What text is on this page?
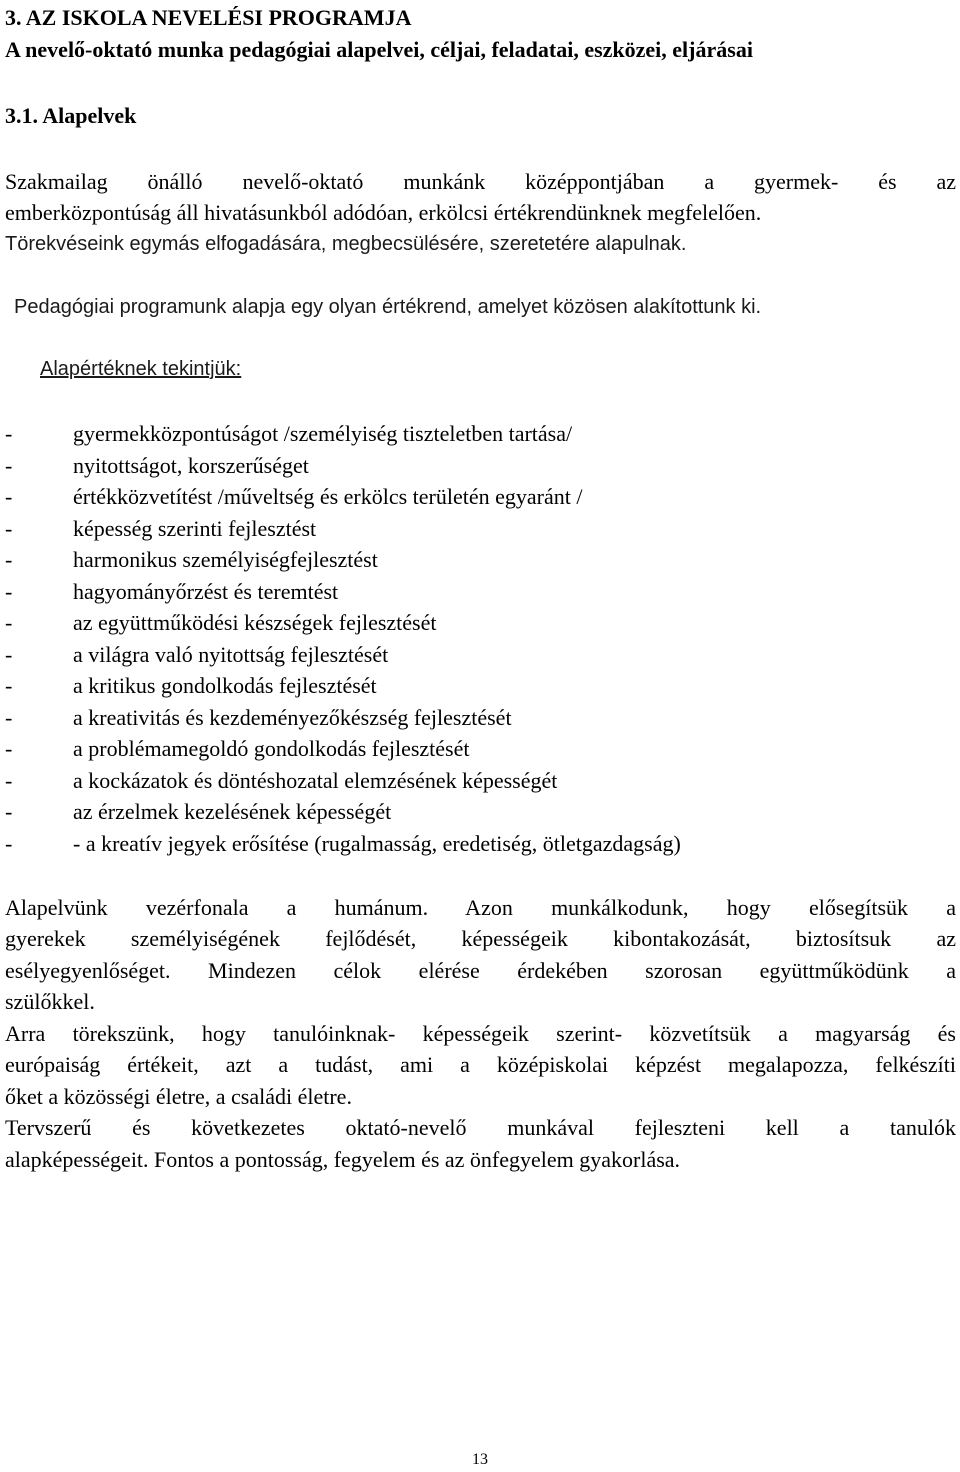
3. AZ ISKOLA NEVELÉSI PROGRAMJA
A nevelő-oktató munka pedagógiai alapelvei, céljai, feladatai, eszközei, eljárásai
3.1. Alapelvek
Szakmailag önálló nevelő-oktató munkánk középpontjában a gyermek- és az
emberközpontúság áll hivatásunkból adódóan, erkölcsi értékrendünknek megfelelően.
Törekvéseink egymás elfogadására, megbecsülésére, szeretetére alapulnak.
Pedagógiai programunk alapja egy olyan értékrend, amelyet közösen alakítottunk ki.
Alapértéknek tekintjük:
-	gyermekközpontúságot /személyiség tiszteletben tartása/
-	nyitottságot, korszerűséget
-	értékközvetítést /műveltség és erkölcs területén egyaránt /
-	képesség szerinti fejlesztést
-	harmonikus személyiségfejlesztést
-	hagyományőrzést és teremtést
-	az együttműködési készségek fejlesztését
-	a világra való nyitottság fejlesztését
-	a kritikus gondolkodás fejlesztését
-	a kreativitás és kezdeményezőkészség fejlesztését
-	a problémamegoldó gondolkodás fejlesztését
-	a kockázatok és döntéshozatal elemzésének képességét
-	az érzelmek kezelésének képességét
-	- a kreatív jegyek erősítése (rugalmasság, eredetiség, ötletgazdagság)
Alapelvünk vezérfonala a humánum. Azon munkálkodunk, hogy elősegítsük a
gyerekek személyiségének fejlődését, képességeik kibontakozását, biztosítsuk az
esélyegyenlőséget. Mindezen célok elérése érdekében szorosan együttműködünk a
szülőkkel.
Arra törekszünk, hogy tanulóinknak- képességeik szerint- közvetítsük a magyarság és
európaiság értékeit, azt a tudást, ami a középiskolai képzést megalapozza, felkészíti
őket a közösségi életre, a családi életre.
Tervszerű és következetes oktató-nevelő munkával fejleszteni kell a tanulók
alapképességeit. Fontos a pontosság, fegyelem és az önfegyelem gyakorlása.
13
